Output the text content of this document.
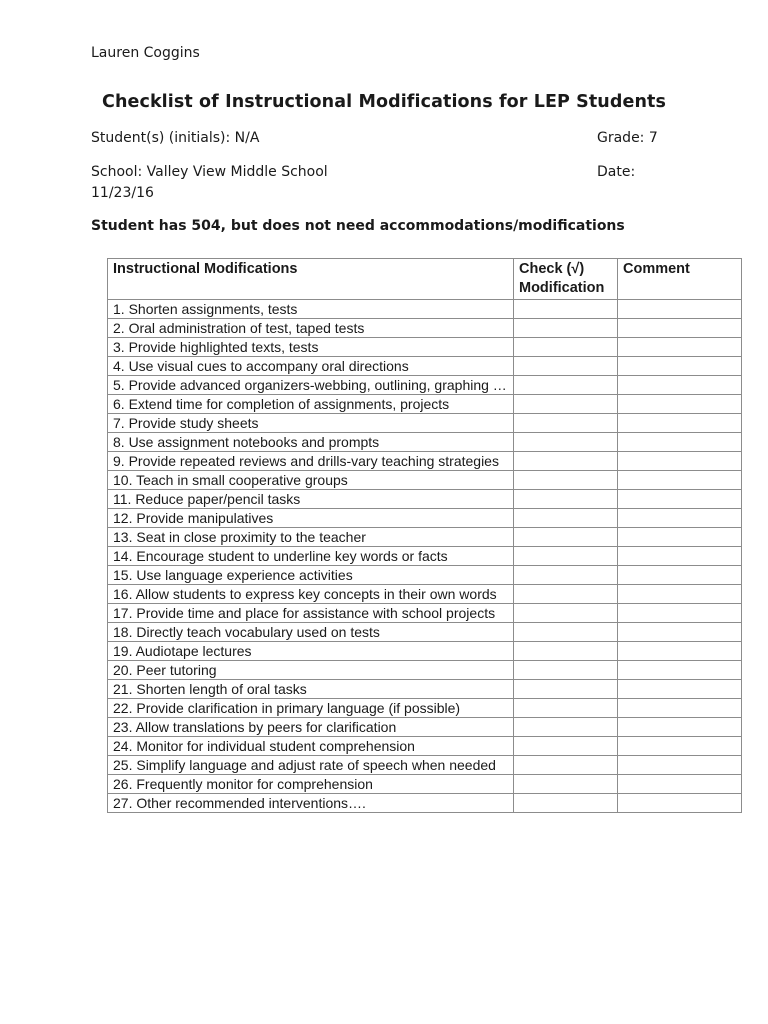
Lauren Coggins
Checklist of Instructional Modifications for LEP Students
Student(s) (initials): N/A	Grade: 7
School: Valley View Middle School	Date:
11/23/16
Student has 504, but does not need accommodations/modifications
Instructional Modifications	Check (√) Modification	Comment
1. Shorten assignments, tests		
2. Oral administration of test, taped tests		
3. Provide highlighted texts, tests		
4. Use visual cues to accompany oral directions		
5. Provide advanced organizers-webbing, outlining, graphing …		
6. Extend time for completion of assignments, projects		
7. Provide study sheets		
8. Use assignment notebooks and prompts		
9. Provide repeated reviews and drills-vary teaching strategies		
10. Teach in small cooperative groups		
11. Reduce paper/pencil tasks		
12. Provide manipulatives		
13. Seat in close proximity to the teacher		
14. Encourage student to underline key words or facts		
15. Use language experience activities		
16. Allow students to express key concepts in their own words		
17. Provide time and place for assistance with school projects		
18. Directly teach vocabulary used on tests		
19. Audiotape lectures		
20. Peer tutoring		
21. Shorten length of oral tasks		
22. Provide clarification in primary language (if possible)		
23. Allow translations by peers for clarification		
24. Monitor for individual student comprehension		
25. Simplify language and adjust rate of speech when needed		
26. Frequently monitor for comprehension		
27. Other recommended interventions….		
